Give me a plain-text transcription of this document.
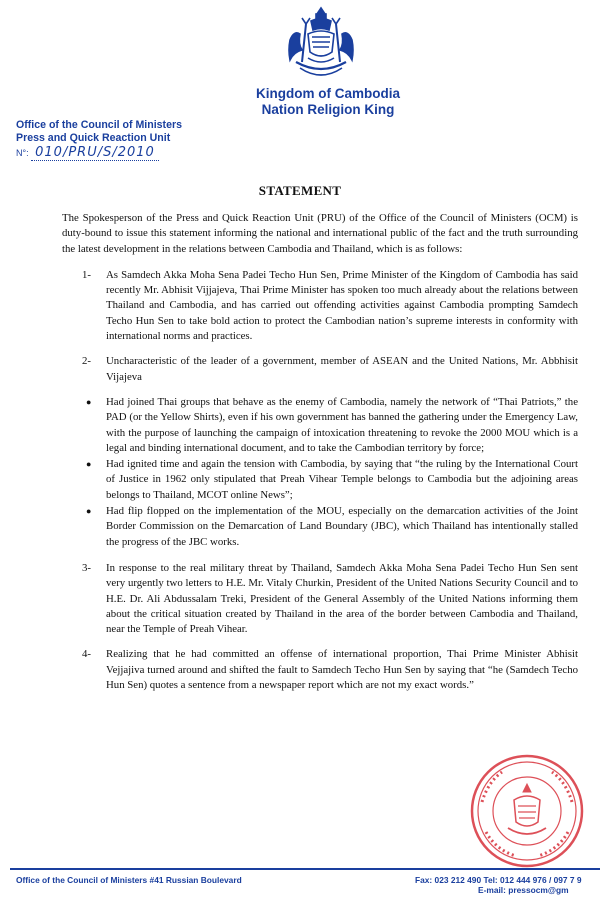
Kingdom of Cambodia
Nation Religion King
Office of the Council of Ministers
Press and Quick Reaction Unit
N°: 010/PRU/S/2010
STATEMENT

The Spokesperson of the Press and Quick Reaction Unit (PRU) of the Office of the Council of Ministers (OCM) is duty-bound to issue this statement informing the national and international public of the fact and the truth surrounding the latest development in the relations between Cambodia and Thailand, which is as follows:

1-	As Samdech Akka Moha Sena Padei Techo Hun Sen, Prime Minister of the Kingdom of Cambodia has said recently Mr. Abhisit Vijjajeva, Thai Prime Minister has spoken too much already about the relations between Thailand and Cambodia, and has carried out offending activities against Cambodia prompting Samdech Techo Hun Sen to take bold action to protect the Cambodian nation’s supreme interests in conformity with international norms and practices.
2-	Uncharacteristic of the leader of a government, member of ASEAN and the United Nations, Mr. Abbhisit Vijajeva
●	Had joined Thai groups that behave as the enemy of Cambodia, namely the network of “Thai Patriots,” the PAD (or the Yellow Shirts), even if his own government has banned the gathering under the Emergency Law, with the purpose of launching the campaign of intoxication threatening to revoke the 2000 MOU which is a legal and binding international document, and to take the Cambodian territory by force;
●	Had ignited time and again the tension with Cambodia, by saying that “the ruling by the International Court of Justice in 1962 only stipulated that Preah Vihear Temple belongs to Cambodia but the adjoining areas belongs to Thailand, MCOT online News”;
●	Had flip flopped on the implementation of the MOU, especially on the demarcation activities of the Joint Border Commission on the Demarcation of Land Boundary (JBC), which Thailand has intentionally stalled the progress of the JBC works.
3-	In response to the real military threat by Thailand, Samdech Akka Moha Sena Padei Techo Hun Sen sent very urgently two letters to H.E. Mr. Vitaly Churkin, President of the United Nations Security Council and to H.E. Dr. Ali Abdussalam Treki, President of the General Assembly of the United Nations informing them about the critical situation created by Thailand in the area of the border between Cambodia and Thailand, near the Temple of Preah Vihear.
4-	Realizing that he had committed an offense of international proportion, Thai Prime Minister Abhisit Vejjajiva turned around and shifted the fault to Samdech Techo Hun Sen by saying that “he (Samdech Techo Hun Sen) quotes a sentence from a newspaper report which are not my exact words.”
Office of the Council of Ministers #41 Russian Boulevard	Fax: 023 212 490 Tel: 012 444 976 / 097 7 9
E-mail: pressocm@gm
